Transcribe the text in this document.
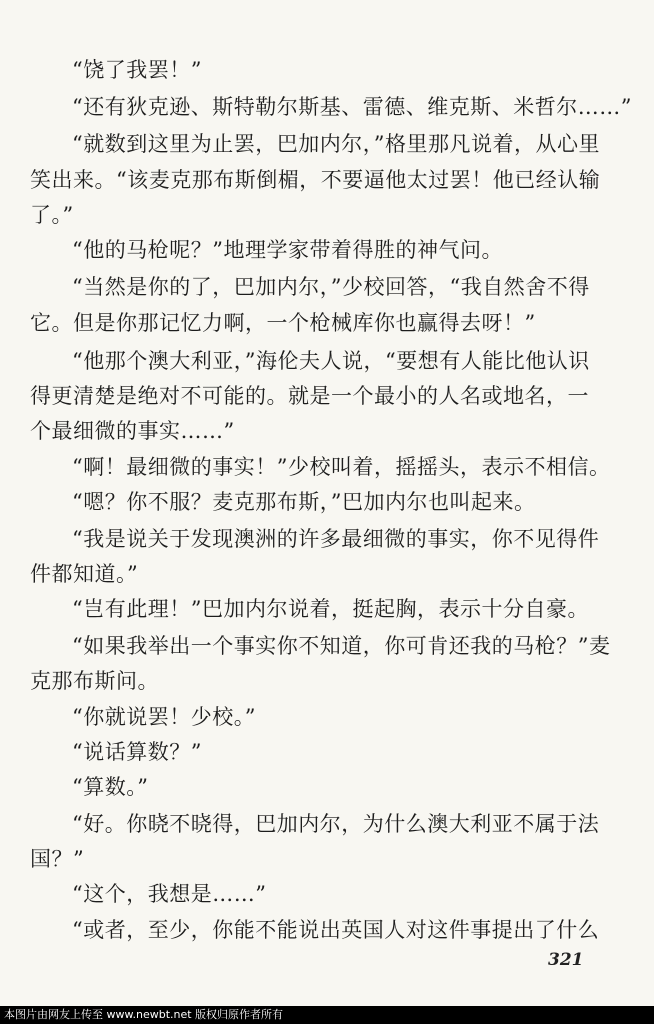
“饶了我罢！”
“还有狄克逊、斯特勒尔斯基、雷德、维克斯、米哲尔……”
“就数到这里为止罢，巴加内尔，”格里那凡说着，从心里
笑出来。“该麦克那布斯倒楣，不要逼他太过罢！他已经认输
了。”
“他的马枪呢？”地理学家带着得胜的神气问。
“当然是你的了，巴加内尔，”少校回答，“我自然舍不得
它。但是你那记忆力啊，一个枪械库你也赢得去呀！”
“他那个澳大利亚，”海伦夫人说，“要想有人能比他认识
得更清楚是绝对不可能的。就是一个最小的人名或地名，一
个最细微的事实……”
“啊！最细微的事实！”少校叫着，摇摇头，表示不相信。
“嗯？你不服？麦克那布斯，”巴加内尔也叫起来。
“我是说关于发现澳洲的许多最细微的事实，你不见得件
件都知道。”
“岂有此理！”巴加内尔说着，挺起胸，表示十分自豪。
“如果我举出一个事实你不知道，你可肯还我的马枪？”麦
克那布斯问。
“你就说罢！少校。”
“说话算数？”
“算数。”
“好。你晓不晓得，巴加内尔，为什么澳大利亚不属于法
国？”
“这个，我想是……”
“或者，至少，你能不能说出英国人对这件事提出了什么
321
本图片由网友上传至 www.newbt.net 版权归原作者所有
